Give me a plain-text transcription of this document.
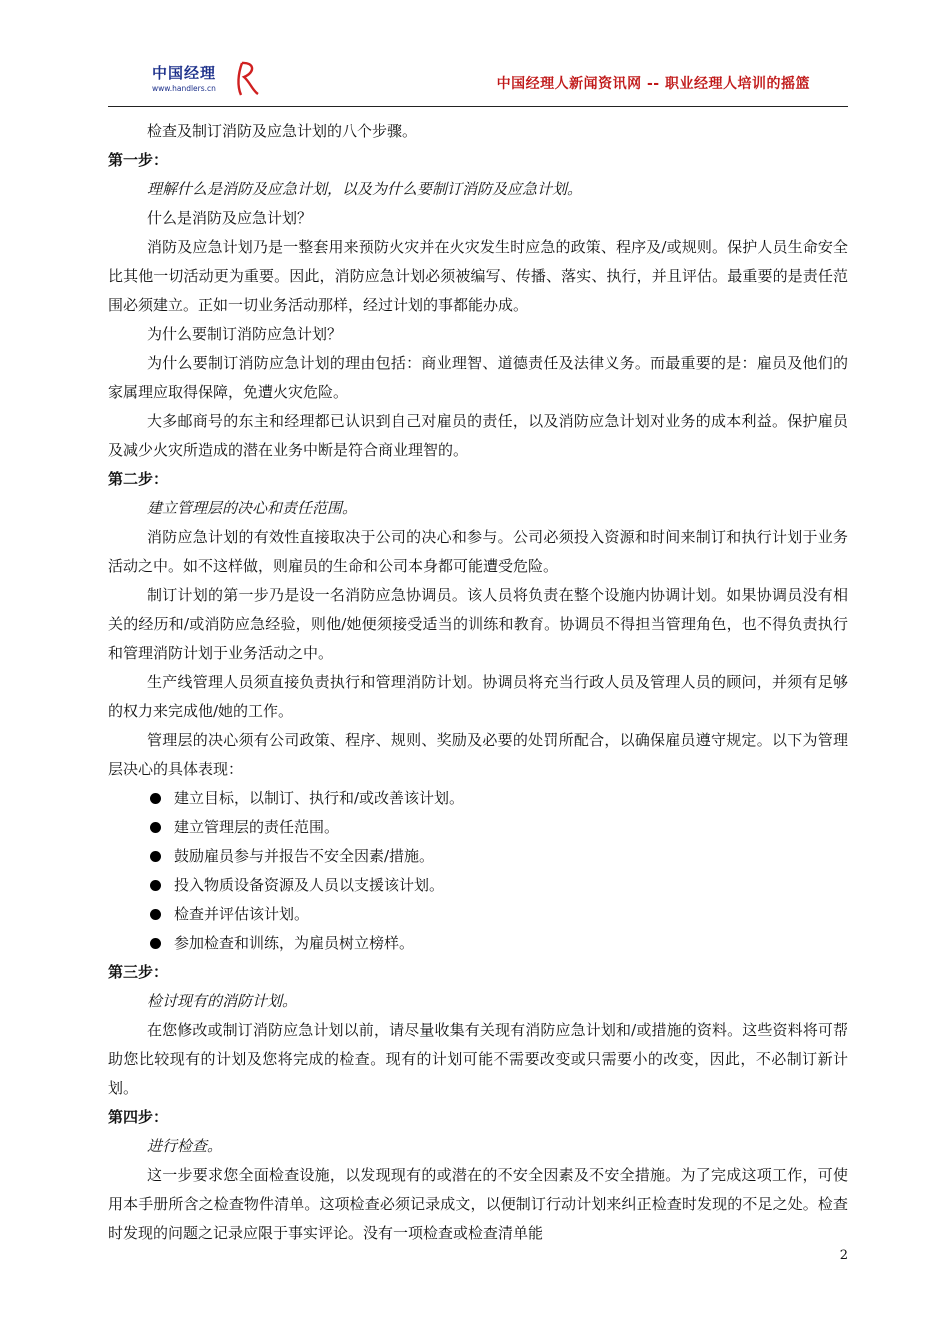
中国经理
www.handlers.cn	中国经理人新闻资讯网 -- 职业经理人培训的摇篮

检查及制订消防及应急计划的八个步骤。

第一步：

理解什么是消防及应急计划，以及为什么要制订消防及应急计划。

什么是消防及应急计划？

消防及应急计划乃是一整套用来预防火灾并在火灾发生时应急的政策、程序及/或规则。保护人员生命安全比其他一切活动更为重要。因此，消防应急计划必须被编写、传播、落实、执行，并且评估。最重要的是责任范围必须建立。正如一切业务活动那样，经过计划的事都能办成。

为什么要制订消防应急计划？

为什么要制订消防应急计划的理由包括：商业理智、道德责任及法律义务。而最重要的是：雇员及他们的家属理应取得保障，免遭火灾危险。

大多邮商号的东主和经理都已认识到自己对雇员的责任，以及消防应急计划对业务的成本利益。保护雇员及减少火灾所造成的潜在业务中断是符合商业理智的。

第二步：

建立管理层的决心和责任范围。

消防应急计划的有效性直接取决于公司的决心和参与。公司必须投入资源和时间来制订和执行计划于业务活动之中。如不这样做，则雇员的生命和公司本身都可能遭受危险。

制订计划的第一步乃是设一名消防应急协调员。该人员将负责在整个设施内协调计划。如果协调员没有相关的经历和/或消防应急经验，则他/她便须接受适当的训练和教育。协调员不得担当管理角色，也不得负责执行和管理消防计划于业务活动之中。

生产线管理人员须直接负责执行和管理消防计划。协调员将充当行政人员及管理人员的顾问，并须有足够的权力来完成他/她的工作。

管理层的决心须有公司政策、程序、规则、奖励及必要的处罚所配合，以确保雇员遵守规定。以下为管理层决心的具体表现：

建立目标，以制订、执行和/或改善该计划。
建立管理层的责任范围。
鼓励雇员参与并报告不安全因素/措施。
投入物质设备资源及人员以支援该计划。
检查并评估该计划。
参加检查和训练，为雇员树立榜样。

第三步：

检讨现有的消防计划。

在您修改或制订消防应急计划以前，请尽量收集有关现有消防应急计划和/或措施的资料。这些资料将可帮助您比较现有的计划及您将完成的检查。现有的计划可能不需要改变或只需要小的改变，因此，不必制订新计划。

第四步：

进行检查。

这一步要求您全面检查设施，以发现现有的或潜在的不安全因素及不安全措施。为了完成这项工作，可使用本手册所含之检查物件清单。这项检查必须记录成文，以便制订行动计划来纠正检查时发现的不足之处。检查时发现的问题之记录应限于事实评论。没有一项检查或检查清单能

2
